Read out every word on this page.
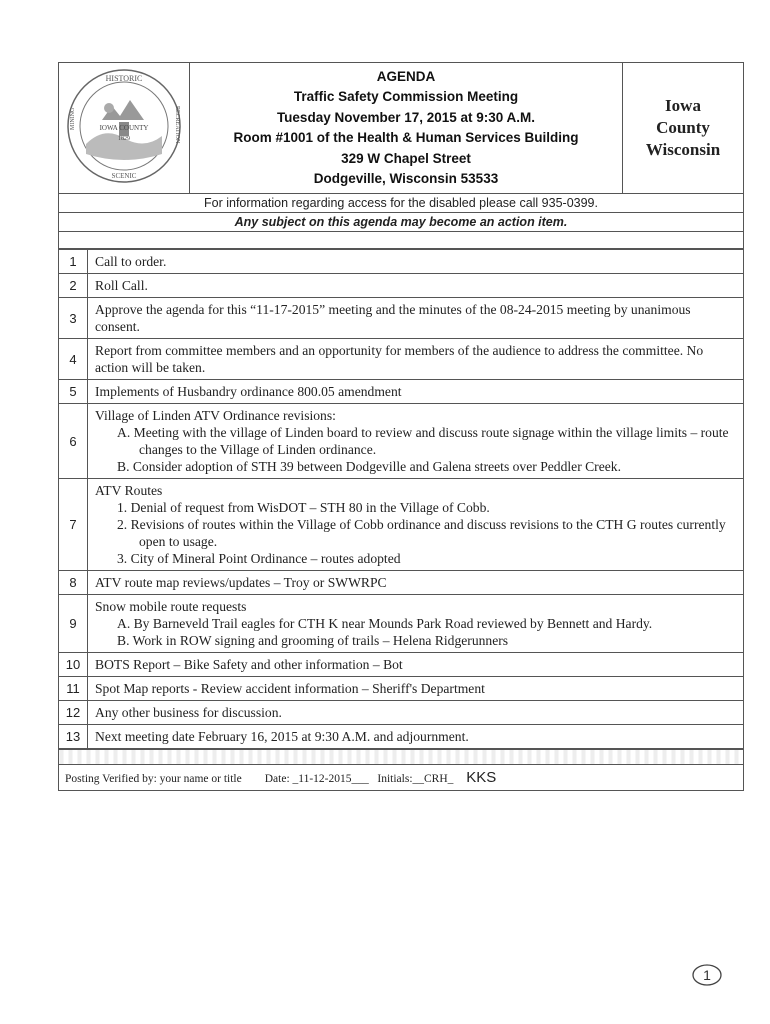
HISTORIC
IOWA COUNTY
1829
SCENIC
MINING	RECREATION

AGENDA
Traffic Safety Commission Meeting
Tuesday November 17, 2015 at 9:30 A.M.
Room #1001 of the Health & Human Services Building
329 W Chapel Street
Dodgeville, Wisconsin 53533

Iowa
County
Wisconsin

For information regarding access for the disabled please call 935-0399.
Any subject on this agenda may become an action item.

1	Call to order.

2	Roll Call.

3	Approve the agenda for this “11-17-2015” meeting and the minutes of the 08-24-2015 meeting by unanimous consent.

4	Report from committee members and an opportunity for members of the audience to address the committee. No action will be taken.

5	Implements of Husbandry ordinance 800.05 amendment

6	Village of Linden ATV Ordinance revisions:
A. Meeting with the village of Linden board to review and discuss route signage within the village limits – route changes to the Village of Linden ordinance.
B. Consider adoption of STH 39 between Dodgeville and Galena streets over Peddler Creek.

7	ATV Routes
1. Denial of request from WisDOT – STH 80 in the Village of Cobb.
2. Revisions of routes within the Village of Cobb ordinance and discuss revisions to the CTH G routes currently open to usage.
3. City of Mineral Point Ordinance – routes adopted

8	ATV route map reviews/updates – Troy or SWWRPC

9	Snow mobile route requests
A. By Barneveld Trail eagles for CTH K near Mounds Park Road reviewed by Bennett and Hardy.
B. Work in ROW signing and grooming of trails – Helena Ridgerunners

10	BOTS Report – Bike Safety and other information – Bot

11	Spot Map reports - Review accident information – Sheriff's Department

12	Any other business for discussion.

13	Next meeting date February 16, 2015 at 9:30 A.M. and adjournment.

Posting Verified by: your name or title Date: _11-12-2015___ Initials:__CRH_ KKS
1
